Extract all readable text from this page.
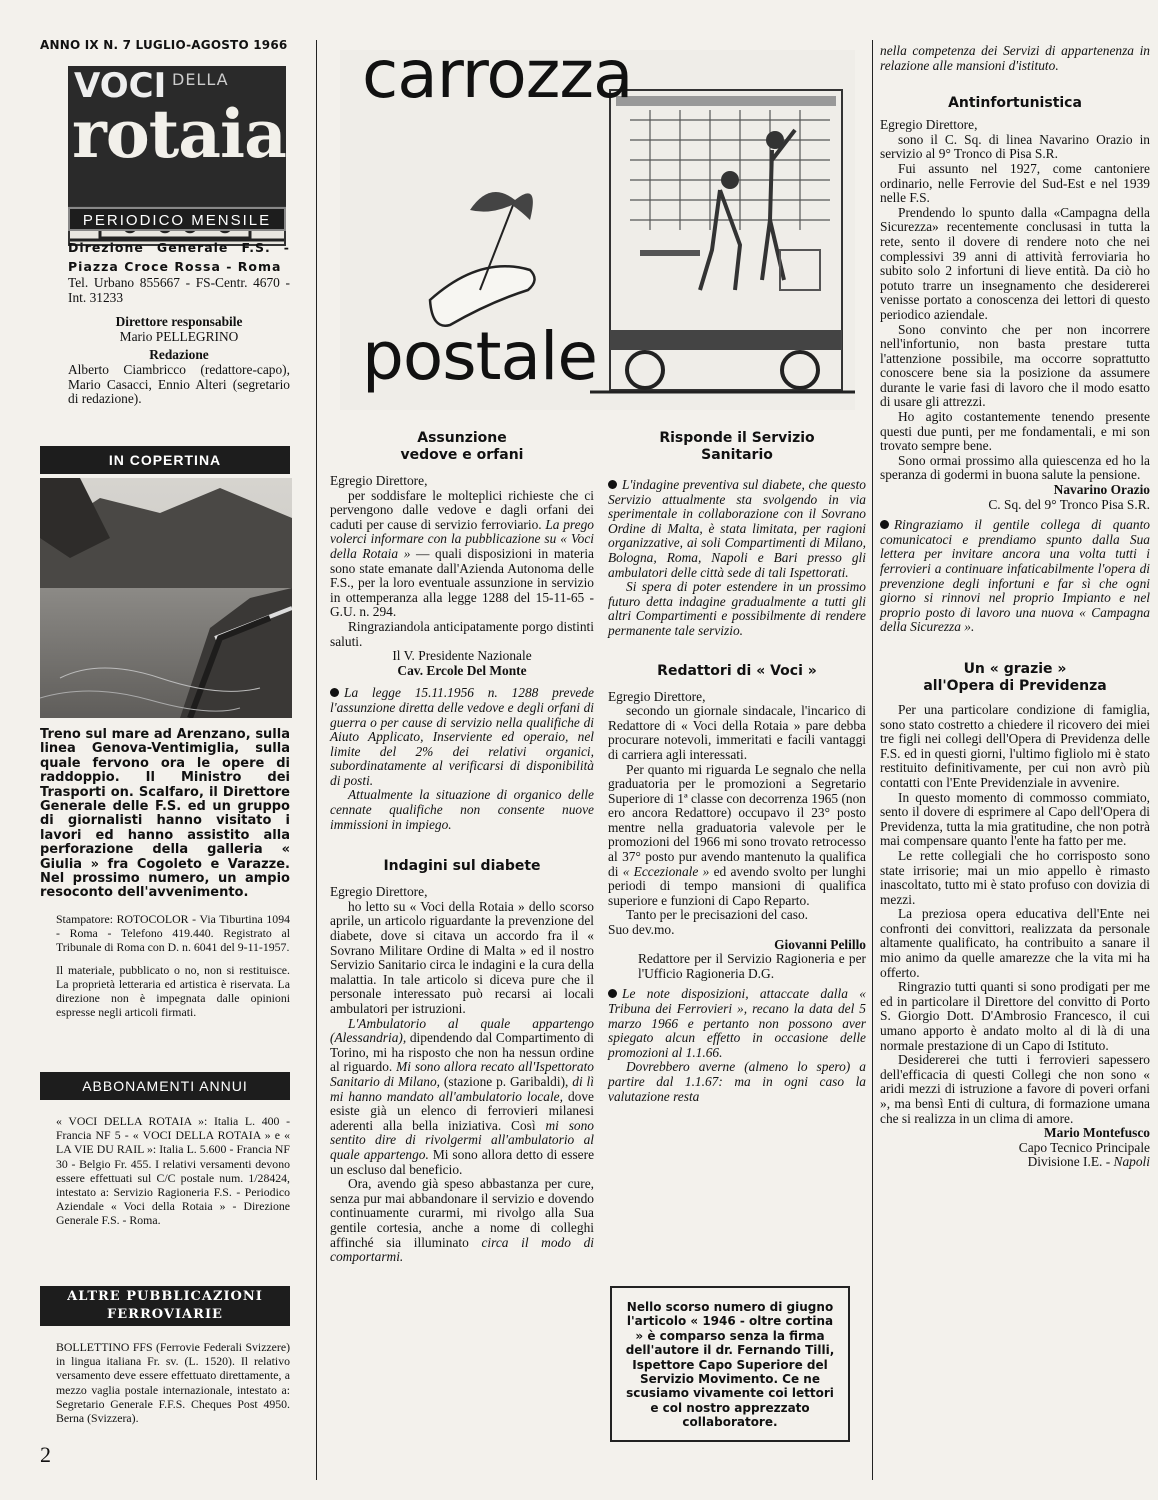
ANNO IX N. 7 LUGLIO-AGOSTO 1966
VOCI DELLA
rotaia
PERIODICO MENSILE

Direzione Generale F.S. - Piazza Croce Rossa - Roma

Tel. Urbano 855667 - FS-Centr. 4670 - Int. 31233

Direttore responsabile

Mario PELLEGRINO

Redazione

Alberto Ciambricco (redattore-capo), Mario Casacci, Ennio Alteri (segretario di redazione).

IN COPERTINA
Treno sul mare ad Arenzano, sulla linea Genova-Ventimiglia, sulla quale fervono ora le opere di raddoppio. Il Ministro dei Trasporti on. Scalfaro, il Direttore Generale delle F.S. ed un gruppo di giornalisti hanno visitato i lavori ed hanno assistito alla perforazione della galleria « Giulia » fra Cogoleto e Varazze. Nel prossimo numero, un ampio resoconto dell'avvenimento.

Stampatore: ROTOCOLOR - Via Tiburtina 1094 - Roma - Telefono 419.440. Registrato al Tribunale di Roma con D. n. 6041 del 9-11-1957.

Il materiale, pubblicato o no, non si restituisce. La proprietà letteraria ed artistica è riservata. La direzione non è impegnata dalle opinioni espresse negli articoli firmati.

ABBONAMENTI ANNUI
« VOCI DELLA ROTAIA »: Italia L. 400 - Francia NF 5 - « VOCI DELLA ROTAIA » e « LA VIE DU RAIL »: Italia L. 5.600 - Francia NF 30 - Belgio Fr. 455. I relativi versamenti devono essere effettuati sul C/C postale num. 1/28424, intestato a: Servizio Ragioneria F.S. - Periodico Aziendale « Voci della Rotaia » - Direzione Generale F.S. - Roma.
ALTRE PUBBLICAZIONI FERROVIARIE
BOLLETTINO FFS (Ferrovie Federali Svizzere) in lingua italiana Fr. sv. (L. 1520). Il relativo versamento deve essere effettuato direttamente, a mezzo vaglia postale internazionale, intestato a: Segretario Generale F.F.S. Cheques Post 4950. Berna (Svizzera).
2
carrozza
postale
Assunzione
vedove e orfani

Egregio Direttore,

per soddisfare le molteplici richieste che ci pervengono dalle vedove e dagli orfani dei caduti per cause di servizio ferroviario. La prego volerci informare con la pubblicazione su « Voci della Rotaia » — quali disposizioni in materia sono state emanate dall'Azienda Autonoma delle F.S., per la loro eventuale assunzione in servizio in ottemperanza alla legge 1288 del 15-11-65 - G.U. n. 294.

Ringraziandola anticipatamente porgo distinti saluti.

Il V. Presidente Nazionale

Cav. Ercole Del Monte

La legge 15.11.1956 n. 1288 prevede l'assunzione diretta delle vedove e degli orfani di guerra o per cause di servizio nella qualifiche di Aiuto Applicato, Inserviente ed operaio, nel limite del 2% dei relativi organici, subordinatamente al verificarsi di disponibilità di posti.

Attualmente la situazione di organico delle cennate qualifiche non consente nuove immissioni in impiego.

Indagini sul diabete

Egregio Direttore,

ho letto su « Voci della Rotaia » dello scorso aprile, un articolo riguardante la prevenzione del diabete, dove si citava un accordo fra il « Sovrano Militare Ordine di Malta » ed il nostro Servizio Sanitario circa le indagini e la cura della malattia. In tale articolo si diceva pure che il personale interessato può recarsi ai locali ambulatori per istruzioni.

L'Ambulatorio al quale appartengo (Alessandria), dipendendo dal Compartimento di Torino, mi ha risposto che non ha nessun ordine al riguardo. Mi sono allora recato all'Ispettorato Sanitario di Milano, (stazione p. Garibaldi), di lì mi hanno mandato all'ambulatorio locale, dove esiste già un elenco di ferrovieri milanesi aderenti alla bella iniziativa. Così mi sono sentito dire di rivolgermi all'ambulatorio al quale appartengo. Mi sono allora detto di essere un escluso dal beneficio.

Ora, avendo già speso abbastanza per cure, senza pur mai abbandonare il servizio e dovendo continuamente curarmi, mi rivolgo alla Sua gentile cortesia, anche a nome di colleghi affinché sia illuminato circa il modo di comportarmi.

Risponde il Servizio
Sanitario

L'indagine preventiva sul diabete, che questo Servizio attualmente sta svolgendo in via sperimentale in collaborazione con il Sovrano Ordine di Malta, è stata limitata, per ragioni organizzative, ai soli Compartimenti di Milano, Bologna, Roma, Napoli e Bari presso gli ambulatori delle città sede di tali Ispettorati.

Si spera di poter estendere in un prossimo futuro detta indagine gradualmente a tutti gli altri Compartimenti e possibilmente di rendere permanente tale servizio.

Redattori di « Voci »

Egregio Direttore,

secondo un giornale sindacale, l'incarico di Redattore di « Voci della Rotaia » pare debba procurare notevoli, immeritati e facili vantaggi di carriera agli interessati.

Per quanto mi riguarda Le segnalo che nella graduatoria per le promozioni a Segretario Superiore di 1ª classe con decorrenza 1965 (non ero ancora Redattore) occupavo il 23° posto mentre nella graduatoria valevole per le promozioni del 1966 mi sono trovato retrocesso al 37° posto pur avendo mantenuto la qualifica di « Eccezionale » ed avendo svolto per lunghi periodi di tempo mansioni di qualifica superiore e funzioni di Capo Reparto.

Tanto per le precisazioni del caso.

Suo dev.mo.

Giovanni Pelillo

Redattore per il Servizio Ragioneria e per l'Ufficio Ragioneria D.G.

Le note disposizioni, attaccate dalla « Tribuna dei Ferrovieri », recano la data del 5 marzo 1966 e pertanto non possono aver spiegato alcun effetto in occasione delle promozioni al 1.1.66.

Dovrebbero averne (almeno lo spero) a partire dal 1.1.67: ma in ogni caso la valutazione resta

Nello scorso numero di giugno l'articolo « 1946 - oltre cortina » è comparso senza la firma dell'autore il dr. Fernando Tilli, Ispettore Capo Superiore del Servizio Movimento. Ce ne scusiamo vivamente coi lettori e col nostro apprezzato collaboratore.

nella competenza dei Servizi di appartenenza in relazione alle mansioni d'istituto.

Antinfortunistica

Egregio Direttore,

sono il C. Sq. di linea Navarino Orazio in servizio al 9° Tronco di Pisa S.R.

Fui assunto nel 1927, come cantoniere ordinario, nelle Ferrovie del Sud-Est e nel 1939 nelle F.S.

Prendendo lo spunto dalla «Campagna della Sicurezza» recentemente conclusasi in tutta la rete, sento il dovere di rendere noto che nei complessivi 39 anni di attività ferroviaria ho subito solo 2 infortuni di lieve entità. Da ciò ho potuto trarre un insegnamento che desidererei venisse portato a conoscenza dei lettori di questo periodico aziendale.

Sono convinto che per non incorrere nell'infortunio, non basta prestare tutta l'attenzione possibile, ma occorre soprattutto conoscere bene sia la posizione da assumere durante le varie fasi di lavoro che il modo esatto di usare gli attrezzi.

Ho agito costantemente tenendo presente questi due punti, per me fondamentali, e mi son trovato sempre bene.

Sono ormai prossimo alla quiescenza ed ho la speranza di godermi in buona salute la pensione.

Navarino Orazio

C. Sq. del 9° Tronco Pisa S.R.

Ringraziamo il gentile collega di quanto comunicatoci e prendiamo spunto dalla Sua lettera per invitare ancora una volta tutti i ferrovieri a continuare infaticabilmente l'opera di prevenzione degli infortuni e far sì che ogni giorno si rinnovi nel proprio Impianto e nel proprio posto di lavoro una nuova « Campagna della Sicurezza ».

Un « grazie »
all'Opera di Previdenza

Per una particolare condizione di famiglia, sono stato costretto a chiedere il ricovero dei miei tre figli nei collegi dell'Opera di Previdenza delle F.S. ed in questi giorni, l'ultimo figliolo mi è stato restituito definitivamente, per cui non avrò più contatti con l'Ente Previdenziale in avvenire.

In questo momento di commosso commiato, sento il dovere di esprimere al Capo dell'Opera di Previdenza, tutta la mia gratitudine, che non potrà mai compensare quanto l'ente ha fatto per me.

Le rette collegiali che ho corrisposto sono state irrisorie; mai un mio appello è rimasto inascoltato, tutto mi è stato profuso con dovizia di mezzi.

La preziosa opera educativa dell'Ente nei confronti dei convittori, realizzata da personale altamente qualificato, ha contribuito a sanare il mio animo da quelle amarezze che la vita mi ha offerto.

Ringrazio tutti quanti si sono prodigati per me ed in particolare il Direttore del convitto di Porto S. Giorgio Dott. D'Ambrosio Francesco, il cui umano apporto è andato molto al di là di una normale prestazione di un Capo di Istituto.

Desidererei che tutti i ferrovieri sapessero dell'efficacia di questi Collegi che non sono « aridi mezzi di istruzione a favore di poveri orfani », ma bensì Enti di cultura, di formazione umana che si realizza in un clima di amore.

Mario Montefusco

Capo Tecnico Principale

Divisione I.E. - Napoli
